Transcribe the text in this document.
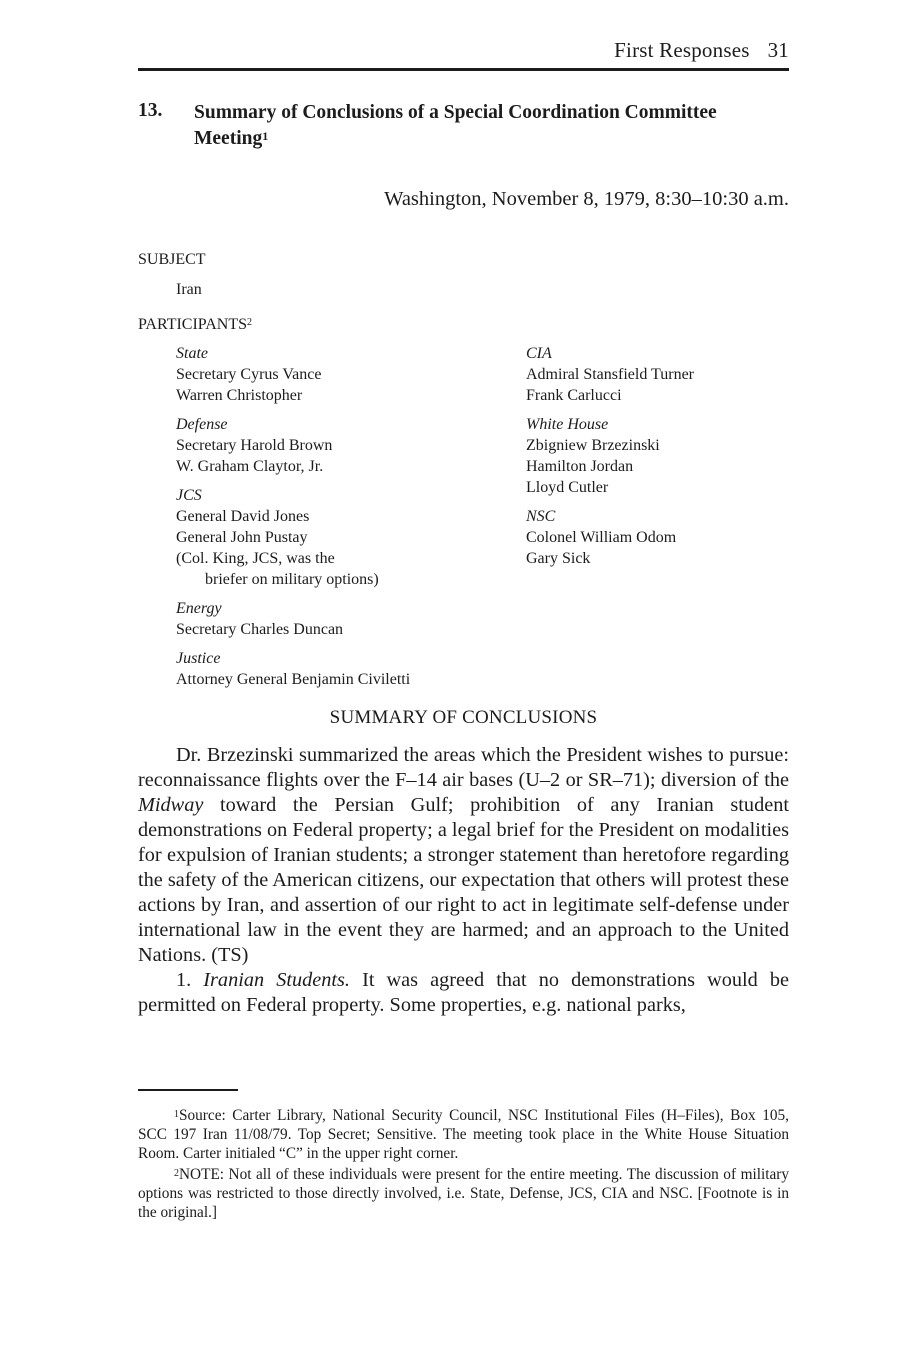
First Responses 31
13. Summary of Conclusions of a Special Coordination Committee Meeting$^1$
Washington, November 8, 1979, 8:30–10:30 a.m.
SUBJECT
Iran
PARTICIPANTS$^2$
State
Secretary Cyrus Vance
Warren Christopher
Defense
Secretary Harold Brown
W. Graham Claytor, Jr.
JCS
General David Jones
General John Pustay
(Col. King, JCS, was the
briefer on military options)
Energy
Secretary Charles Duncan
Justice
Attorney General Benjamin Civiletti
CIA
Admiral Stansfield Turner
Frank Carlucci
White House
Zbigniew Brzezinski
Hamilton Jordan
Lloyd Cutler
NSC
Colonel William Odom
Gary Sick
SUMMARY OF CONCLUSIONS

Dr. Brzezinski summarized the areas which the President wishes to pursue: reconnaissance flights over the F–14 air bases (U–2 or SR–71); diversion of the Midway toward the Persian Gulf; prohibition of any Iranian student demonstrations on Federal property; a legal brief for the President on modalities for expulsion of Iranian students; a stronger statement than heretofore regarding the safety of the American citizens, our expectation that others will protest these actions by Iran, and assertion of our right to act in legitimate self-defense under international law in the event they are harmed; and an approach to the United Nations. (TS)

1. Iranian Students. It was agreed that no demonstrations would be permitted on Federal property. Some properties, e.g. national parks,

$^1$Source: Carter Library, National Security Council, NSC Institutional Files (H–Files), Box 105, SCC 197 Iran 11/08/79. Top Secret; Sensitive. The meeting took place in the White House Situation Room. Carter initialed “C” in the upper right corner.

$^2$NOTE: Not all of these individuals were present for the entire meeting. The discussion of military options was restricted to those directly involved, i.e. State, Defense, JCS, CIA and NSC. [Footnote is in the original.]
